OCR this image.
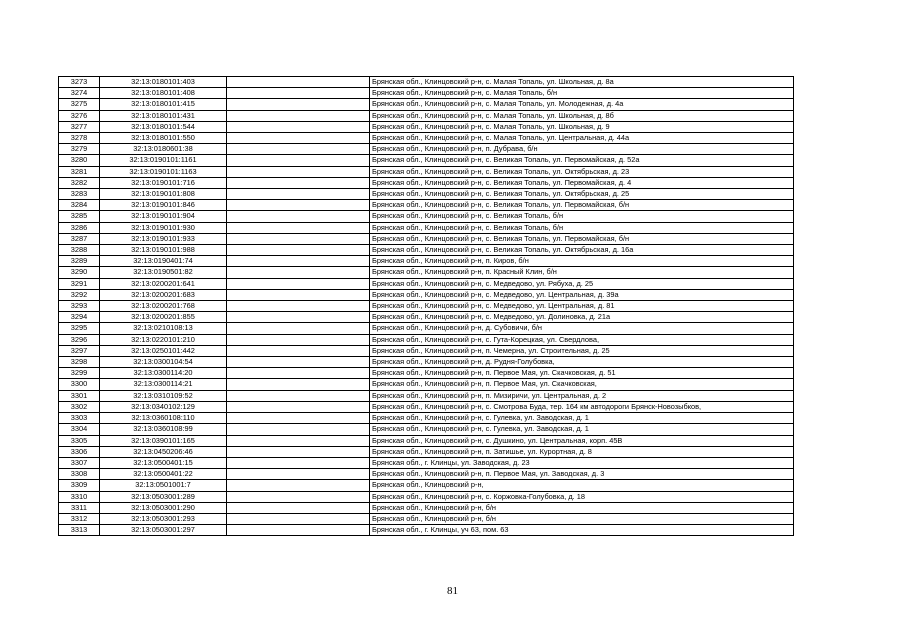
3273	32:13:0180101:403		Брянская обл., Клинцовский р-н, с. Малая Топаль, ул. Школьная, д. 8а
3274	32:13:0180101:408		Брянская обл., Клинцовский р-н, с. Малая Топаль, б/н
3275	32:13:0180101:415		Брянская обл., Клинцовский р-н, с. Малая Топаль, ул. Молодежная, д. 4а
3276	32:13:0180101:431		Брянская обл., Клинцовский р-н, с. Малая Топаль, ул. Школьная, д. 8б
3277	32:13:0180101:544		Брянская обл., Клинцовский р-н, с. Малая Топаль, ул. Школьная, д. 9
3278	32:13:0180101:550		Брянская обл., Клинцовский р-н, с. Малая Топаль, ул. Центральная, д. 44а
3279	32:13:0180601:38		Брянская обл., Клинцовский р-н, п. Дубрава, б/н
3280	32:13:0190101:1161		Брянская обл., Клинцовский р-н, с. Великая Топаль, ул. Первомайская, д. 52а
3281	32:13:0190101:1163		Брянская обл., Клинцовский р-н, с. Великая Топаль, ул. Октябрьская, д. 23
3282	32:13:0190101:716		Брянская обл., Клинцовский р-н, с. Великая Топаль, ул. Первомайская, д. 4
3283	32:13:0190101:808		Брянская обл., Клинцовский р-н, с. Великая Топаль, ул. Октябрьская, д. 25
3284	32:13:0190101:846		Брянская обл., Клинцовский р-н, с. Великая Топаль, ул. Первомайская, б/н
3285	32:13:0190101:904		Брянская обл., Клинцовский р-н, с. Великая Топаль, б/н
3286	32:13:0190101:930		Брянская обл., Клинцовский р-н, с. Великая Топаль, б/н
3287	32:13:0190101:933		Брянская обл., Клинцовский р-н, с. Великая Топаль, ул. Первомайская, б/н
3288	32:13:0190101:988		Брянская обл., Клинцовский р-н, с. Великая Топаль, ул. Октябрьская, д. 16а
3289	32:13:0190401:74		Брянская обл., Клинцовский р-н, п. Киров, б/н
3290	32:13:0190501:82		Брянская обл., Клинцовский р-н, п. Красный Клин, б/н
3291	32:13:0200201:641		Брянская обл., Клинцовский р-н, с. Медведово, ул. Рябуха, д. 25
3292	32:13:0200201:683		Брянская обл., Клинцовский р-н, с. Медведово, ул. Центральная, д. 39а
3293	32:13:0200201:768		Брянская обл., Клинцовский р-н, с. Медведово, ул. Центральная, д. 81
3294	32:13:0200201:855		Брянская обл., Клинцовский р-н, с. Медведово, ул. Долиновка, д. 21а
3295	32:13:0210108:13		Брянская обл., Клинцовский р-н, д. Субовичи, б/н
3296	32:13:0220101:210		Брянская обл., Клинцовский р-н, с. Гута-Корецкая, ул. Свердлова,
3297	32:13:0250101:442		Брянская обл., Клинцовский р-н, п. Чемерна, ул. Строительная, д. 25
3298	32:13:0300104:54		Брянская обл., Клинцовский р-н, д. Рудня-Голубовка,
3299	32:13:0300114:20		Брянская обл., Клинцовский р-н, п. Первое Мая, ул. Скачковская, д. 51
3300	32:13:0300114:21		Брянская обл., Клинцовский р-н, п. Первое Мая, ул. Скачковская,
3301	32:13:0310109:52		Брянская обл., Клинцовский р-н, п. Мизиричи, ул. Центральная, д. 2
3302	32:13:0340102:129		Брянская обл., Клинцовский р-н, с. Смотрова Буда, тер. 164 км автодороги Брянск-Новозыбков,
3303	32:13:0360108:110		Брянская обл., Клинцовский р-н, с. Гулевка, ул. Заводская, д. 1
3304	32:13:0360108:99		Брянская обл., Клинцовский р-н, с. Гулевка, ул. Заводская, д. 1
3305	32:13:0390101:165		Брянская обл., Клинцовский р-н, с. Душкино, ул. Центральная, корп. 45В
3306	32:13:0450206:46		Брянская обл., Клинцовский р-н, п. Затишье, ул. Курортная, д. 8
3307	32:13:0500401:15		Брянская обл., г. Клинцы, ул. Заводская, д. 23
3308	32:13:0500401:22		Брянская обл., Клинцовский р-н, п. Первое Мая, ул. Заводская, д. 3
3309	32:13:0501001:7		Брянская обл., Клинцовский р-н,
3310	32:13:0503001:289		Брянская обл., Клинцовский р-н, с. Коржовка-Голубовка, д. 18
3311	32:13:0503001:290		Брянская обл., Клинцовский р-н, б/н
3312	32:13:0503001:293		Брянская обл., Клинцовский р-н, б/н
3313	32:13:0503001:297		Брянская обл., г. Клинцы, уч 63, пом. 63
81
